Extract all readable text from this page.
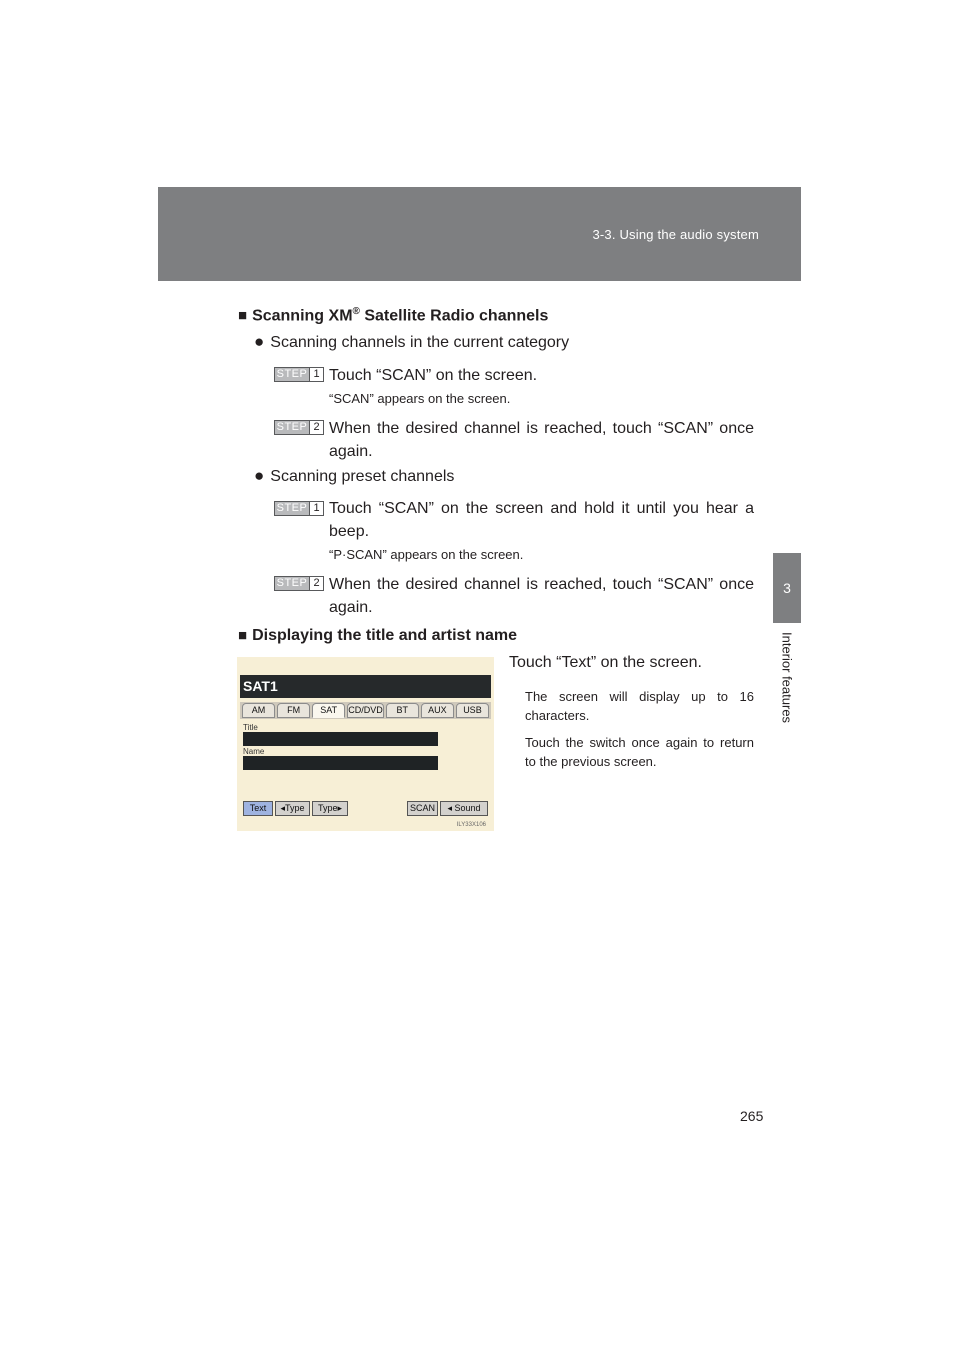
3-3. Using the audio system
3
Interior features
■ Scanning XM® Satellite Radio channels
● Scanning channels in the current category
STEP 1 Touch “SCAN” on the screen.
“SCAN” appears on the screen.
STEP 2 When the desired channel is reached, touch “SCAN” once again.
● Scanning preset channels
STEP 1 Touch “SCAN” on the screen and hold it until you hear a beep.
“P·SCAN” appears on the screen.
STEP 2 When the desired channel is reached, touch “SCAN” once again.
■ Displaying the title and artist name
SAT1
AM	FM	SAT	CD/DVD	BT	AUX	USB
Title
Name
Text	◂Type	Type▸	SCAN	◂ Sound
ILY33X106
Touch “Text” on the screen.
The screen will display up to 16 characters.
Touch the switch once again to return to the previous screen.
265
